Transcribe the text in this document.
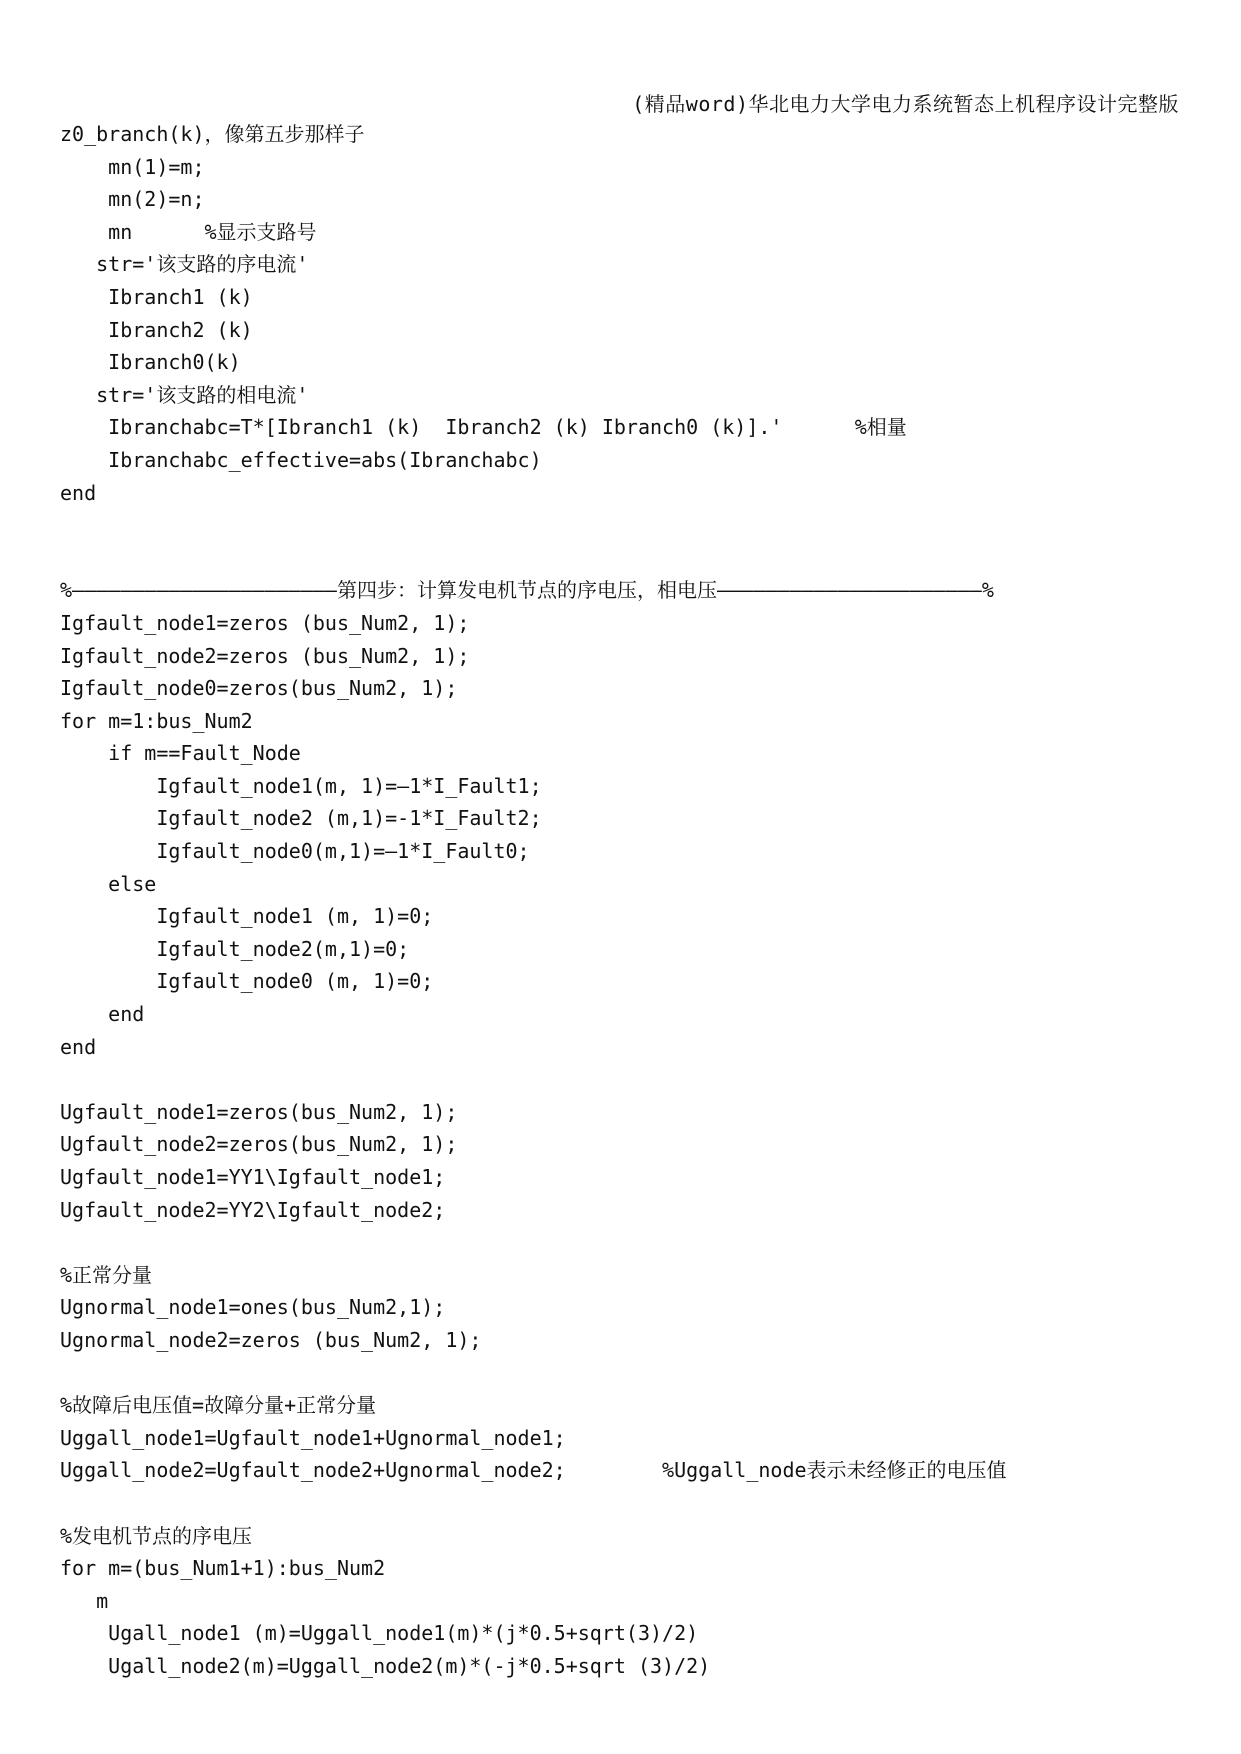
(精品word)华北电力大学电力系统暂态上机程序设计完整版
z0_branch(k)，像第五步那样子
mn(1)=m;
mn(2)=n;
mn      %显示支路号
str='该支路的序电流'
Ibranch1 (k)
Ibranch2 (k)
Ibranch0(k)
str='该支路的相电流'
Ibranchabc=T*[Ibranch1 (k)  Ibranch2 (k) Ibranch0 (k)].'      %相量
Ibranchabc_effective=abs(Ibranchabc)
end
%——————————————————————第四步：计算发电机节点的序电压，相电压——————————————————————%
Igfault_node1=zeros (bus_Num2, 1);
Igfault_node2=zeros (bus_Num2, 1);
Igfault_node0=zeros(bus_Num2, 1);
for m=1:bus_Num2
if m==Fault_Node
Igfault_node1(m, 1)=—1*I_Fault1;
Igfault_node2 (m,1)=-1*I_Fault2;
Igfault_node0(m,1)=—1*I_Fault0;
else
Igfault_node1 (m, 1)=0;
Igfault_node2(m,1)=0;
Igfault_node0 (m, 1)=0;
end
end
Ugfault_node1=zeros(bus_Num2, 1);
Ugfault_node2=zeros(bus_Num2, 1);
Ugfault_node1=YY1\Igfault_node1;
Ugfault_node2=YY2\Igfault_node2;
%正常分量
Ugnormal_node1=ones(bus_Num2,1);
Ugnormal_node2=zeros (bus_Num2, 1);
%故障后电压值=故障分量+正常分量
Uggall_node1=Ugfault_node1+Ugnormal_node1;
Uggall_node2=Ugfault_node2+Ugnormal_node2;        %Uggall_node表示未经修正的电压值
%发电机节点的序电压
for m=(bus_Num1+1):bus_Num2
m
Ugall_node1 (m)=Uggall_node1(m)*(j*0.5+sqrt(3)/2)
Ugall_node2(m)=Uggall_node2(m)*(-j*0.5+sqrt (3)/2)
